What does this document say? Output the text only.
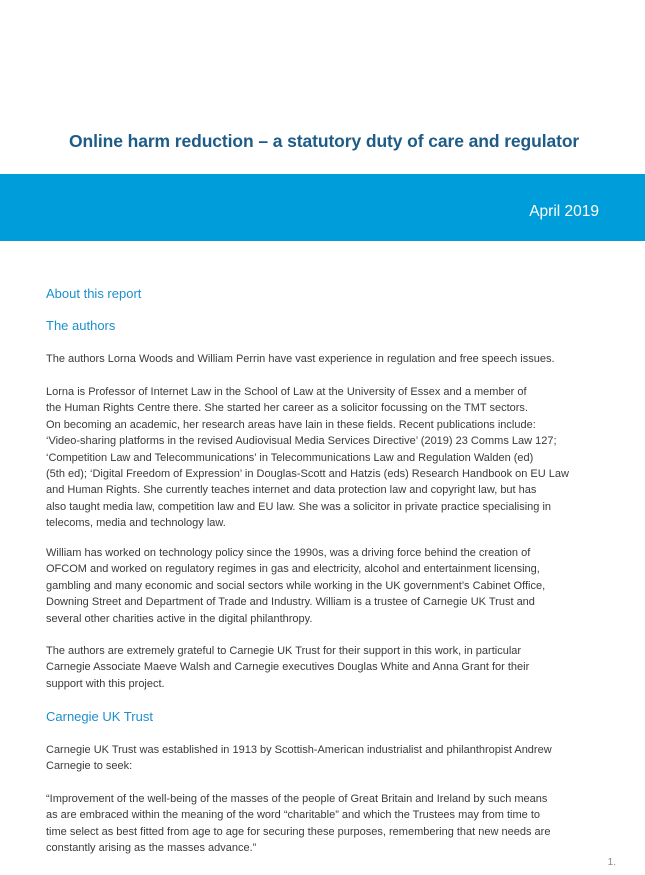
Online harm reduction – a statutory duty of care and regulator
April 2019
About this report
The authors
The authors Lorna Woods and William Perrin have vast experience in regulation and free speech issues.
Lorna is Professor of Internet Law in the School of Law at the University of Essex and a member of
the Human Rights Centre there. She started her career as a solicitor focussing on the TMT sectors.
On becoming an academic, her research areas have lain in these fields. Recent publications include:
‘Video-sharing platforms in the revised Audiovisual Media Services Directive’ (2019) 23 Comms Law 127;
‘Competition Law and Telecommunications’ in Telecommunications Law and Regulation Walden (ed)
(5th ed); ‘Digital Freedom of Expression’ in Douglas-Scott and Hatzis (eds) Research Handbook on EU Law
and Human Rights. She currently teaches internet and data protection law and copyright law, but has
also taught media law, competition law and EU law. She was a solicitor in private practice specialising in
telecoms, media and technology law.
William has worked on technology policy since the 1990s, was a driving force behind the creation of
OFCOM and worked on regulatory regimes in gas and electricity, alcohol and entertainment licensing,
gambling and many economic and social sectors while working in the UK government’s Cabinet Office,
Downing Street and Department of Trade and Industry. William is a trustee of Carnegie UK Trust and
several other charities active in the digital philanthropy.
The authors are extremely grateful to Carnegie UK Trust for their support in this work, in particular
Carnegie Associate Maeve Walsh and Carnegie executives Douglas White and Anna Grant for their
support with this project.
Carnegie UK Trust
Carnegie UK Trust was established in 1913 by Scottish-American industrialist and philanthropist Andrew
Carnegie to seek:
“Improvement of the well-being of the masses of the people of Great Britain and Ireland by such means
as are embraced within the meaning of the word “charitable” and which the Trustees may from time to
time select as best fitted from age to age for securing these purposes, remembering that new needs are
constantly arising as the masses advance.”
1.
